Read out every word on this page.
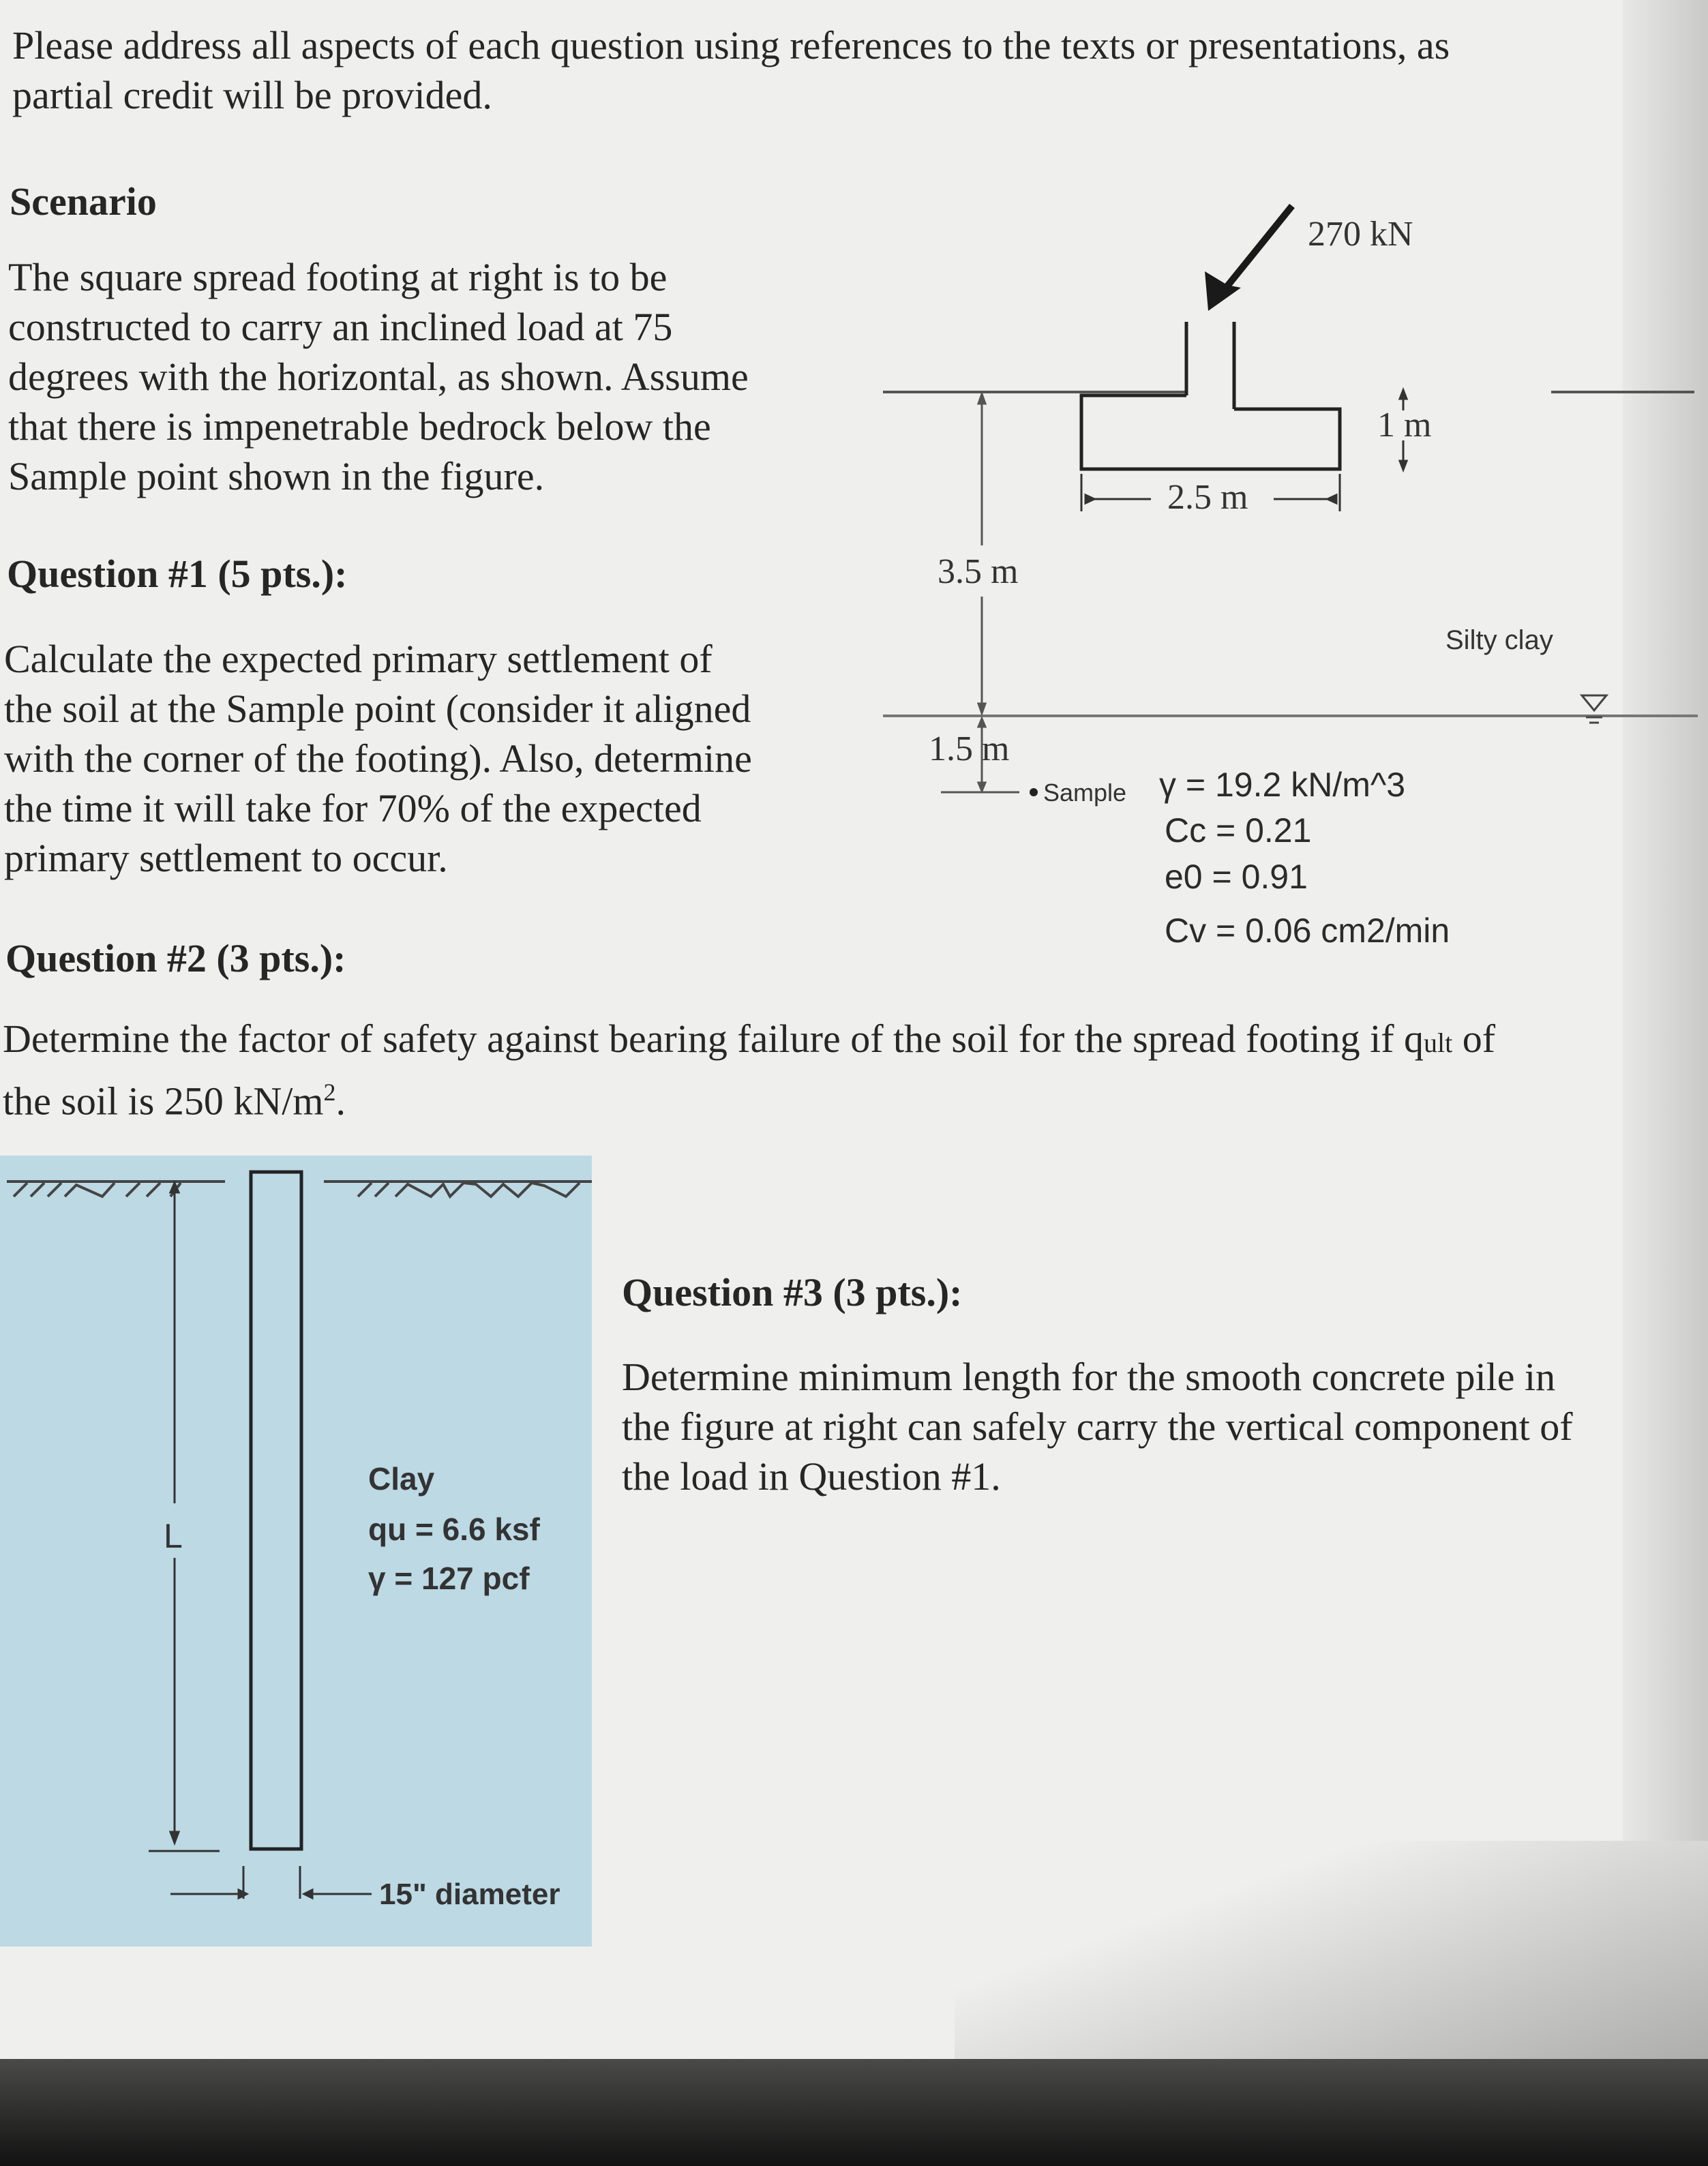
Please address all aspects of each question using references to the texts or presentations, as
partial credit will be provided.
Scenario
The square spread footing at right is to be
constructed to carry an inclined load at 75
degrees with the horizontal, as shown. Assume
that there is impenetrable bedrock below the
Sample point shown in the figure.
Question #1 (5 pts.):
Calculate the expected primary settlement of
the soil at the Sample point (consider it aligned
with the corner of the footing). Also, determine
the time it will take for 70% of the expected
primary settlement to occur.
270 kN
1 m
2.5 m
3.5 m
1.5 m
Silty clay
Sample γ = 19.2 kN/m^3
Cc = 0.21
e0 = 0.91
Cv = 0.06 cm2/min
Question #2 (3 pts.):
Determine the factor of safety against bearing failure of the soil for the spread footing if qult of
the soil is 250 $kN/m^2$.
L
Clay
qu = 6.6 ksf
γ = 127 pcf
15" diameter
Question #3 (3 pts.):
Determine minimum length for the smooth concrete pile in
the figure at right can safely carry the vertical component of
the load in Question #1.
